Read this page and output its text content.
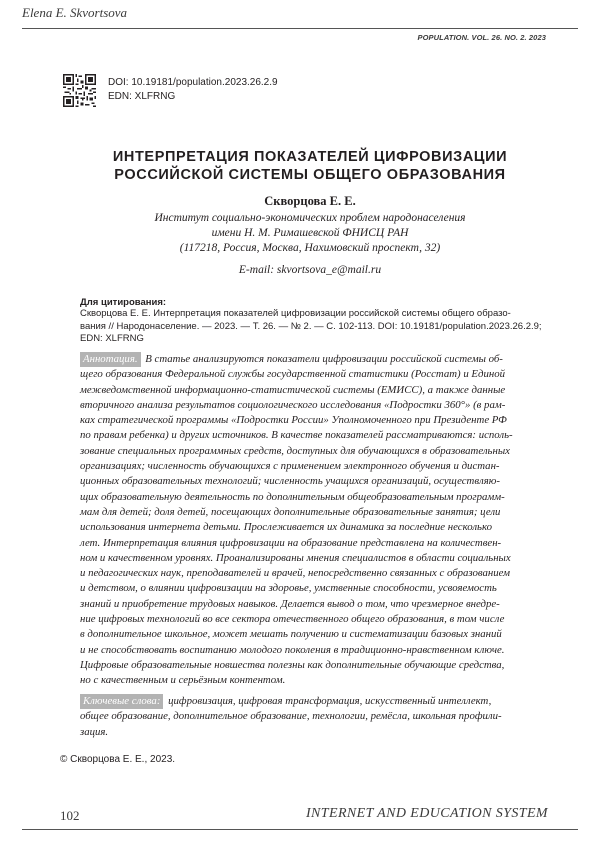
Elena E. Skvortsova
POPULATION. VOL. 26. NO. 2. 2023
DOI: 10.19181/population.2023.26.2.9
EDN: XLFRNG
ИНТЕРПРЕТАЦИЯ ПОКАЗАТЕЛЕЙ ЦИФРОВИЗАЦИИ
РОССИЙСКОЙ СИСТЕМЫ ОБЩЕГО ОБРАЗОВАНИЯ
Скворцова Е. Е.
Институт социально-экономических проблем народонаселения
имени Н. М. Римашевской ФНИСЦ РАН
(117218, Россия, Москва, Нахимовский проспект, 32)
E-mail: skvortsova_e@mail.ru
Для цитирования:
Скворцова Е. Е. Интерпретация показателей цифровизации российской системы общего образо-
вания // Народонаселение. — 2023. — Т. 26. — № 2. — С. 102-113. DOI: 10.19181/population.2023.26.2.9;
EDN: XLFRNG
Аннотация. В статье анализируются показатели цифровизации российской системы об-
щего образования Федеральной службы государственной статистики (Росстат) и Единой
межведомственной информационно-статистической системы (ЕМИСС), а также данные
вторичного анализа результатов социологического исследования «Подростки 360°» (в рам-
ках стратегической программы «Подростки России» Уполномоченного при Президенте РФ
по правам ребенка) и других источников. В качестве показателей рассматриваются: исполь-
зование специальных программных средств, доступных для обучающихся в образовательных
организациях; численность обучающихся с применением электронного обучения и дистан-
ционных образовательных технологий; численность учащихся организаций, осуществляю-
щих образовательную деятельность по дополнительным общеобразовательным программ-
мам для детей; доля детей, посещающих дополнительные образовательные занятия; цели
использования интернета детьми. Прослеживается их динамика за последние несколько
лет. Интерпретация влияния цифровизации на образование представлена на количествен-
ном и качественном уровнях. Проанализированы мнения специалистов в области социальных
и педагогических наук, преподавателей и врачей, непосредственно связанных с образованием
и детством, о влиянии цифровизации на здоровье, умственные способности, усвояемость
знаний и приобретение трудовых навыков. Делается вывод о том, что чрезмерное внедре-
ние цифровых технологий во все сектора отечественного общего образования, в том числе
в дополнительное школьное, может мешать получению и систематизации базовых знаний
и не способствовать воспитанию молодого поколения в традиционно-нравственном ключе.
Цифровые образовательные новшества полезны как дополнительные обучающие средства,
но с качественным и серьёзным контентом.
Ключевые слова: цифровизация, цифровая трансформация, искусственный интеллект,
общее образование, дополнительное образование, технологии, ремёсла, школьная профили-
зация.
© Скворцова Е. Е., 2023.
102	INTERNET AND EDUCATION SYSTEM
